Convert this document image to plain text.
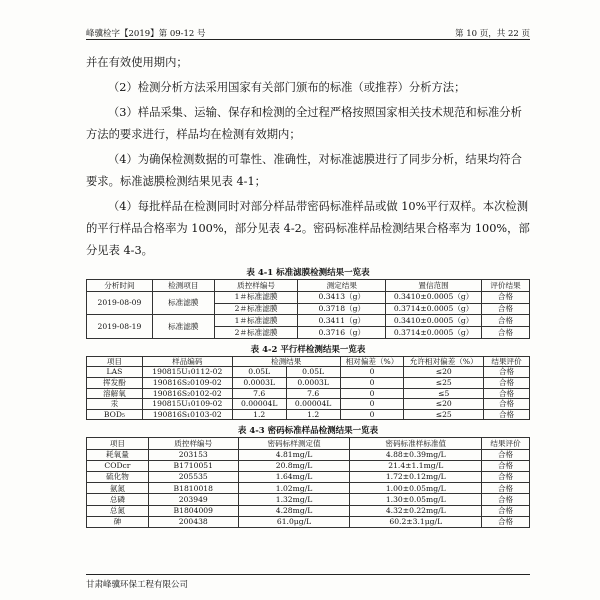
峰骥检字【2019】第 09-12 号	第 10 页，共 22 页

并在有效使用期内；

（2）检测分析方法采用国家有关部门颁布的标准（或推荐）分析方法；

（3）样品采集、运输、保存和检测的全过程严格按照国家相关技术规范和标准分析方法的要求进行，样品均在检测有效期内；

（4）为确保检测数据的可靠性、准确性，对标准滤膜进行了同步分析，结果均符合要求。标准滤膜检测结果见表 4-1；

（4）每批样品在检测同时对部分样品带密码标准样品或做 10%平行双样。本次检测的平行样品合格率为 100%，部分见表 4-2。密码标准样品检测结果合格率为 100%，部分见表 4-3。

表 4-1 标准滤膜检测结果一览表
分析时间	检测项目	质控样编号	测定结果	置信范围	评价结果
2019-08-09	标准滤膜	1＃标准滤膜	0.3413（g）	0.3410±0.0005（g）	合格
		2＃标准滤膜	0.3718（g）	0.3714±0.0005（g）	合格
2019-08-19	标准滤膜	1＃标准滤膜	0.3411（g）	0.3410±0.0005（g）	合格
		2＃标准滤膜	0.3716（g）	0.3714±0.0005（g）	合格
表 4-2 平行样检测结果一览表
项目	样品编码	检测结果		相对偏差（%）	允许相对偏差（%）	结果评价
LAS	190815U₁0112-02	0.05L	0.05L	0	≤20	合格
挥发酚	190816S₂0109-02	0.0003L	0.0003L	0	≤25	合格
溶解氧	190816S₂0102-02	7.6	7.6	0	≤5	合格
汞	190815U₁0109-02	0.00004L	0.00004L	0	≤20	合格
BOD₅	190816S₁0103-02	1.2	1.2	0	≤25	合格
表 4-3 密码标准样品检测结果一览表
项目	质控样编号	密码标样测定值	密码标准样标准值	结果评价
耗氧量	203153	4.81mg/L	4.88±0.39mg/L	合格
CODcr	B1710051	20.8mg/L	21.4±1.1mg/L	合格
硫化物	205535	1.64mg/L	1.72±0.12mg/L	合格
氨氮	B1810018	1.02mg/L	1.00±0.05mg/L	合格
总磷	203949	1.32mg/L	1.30±0.05mg/L	合格
总氮	B1804009	4.28mg/L	4.32±0.22mg/L	合格
砷	200438	61.0μg/L	60.2±3.1μg/L	合格
甘肃峰骥环保工程有限公司
